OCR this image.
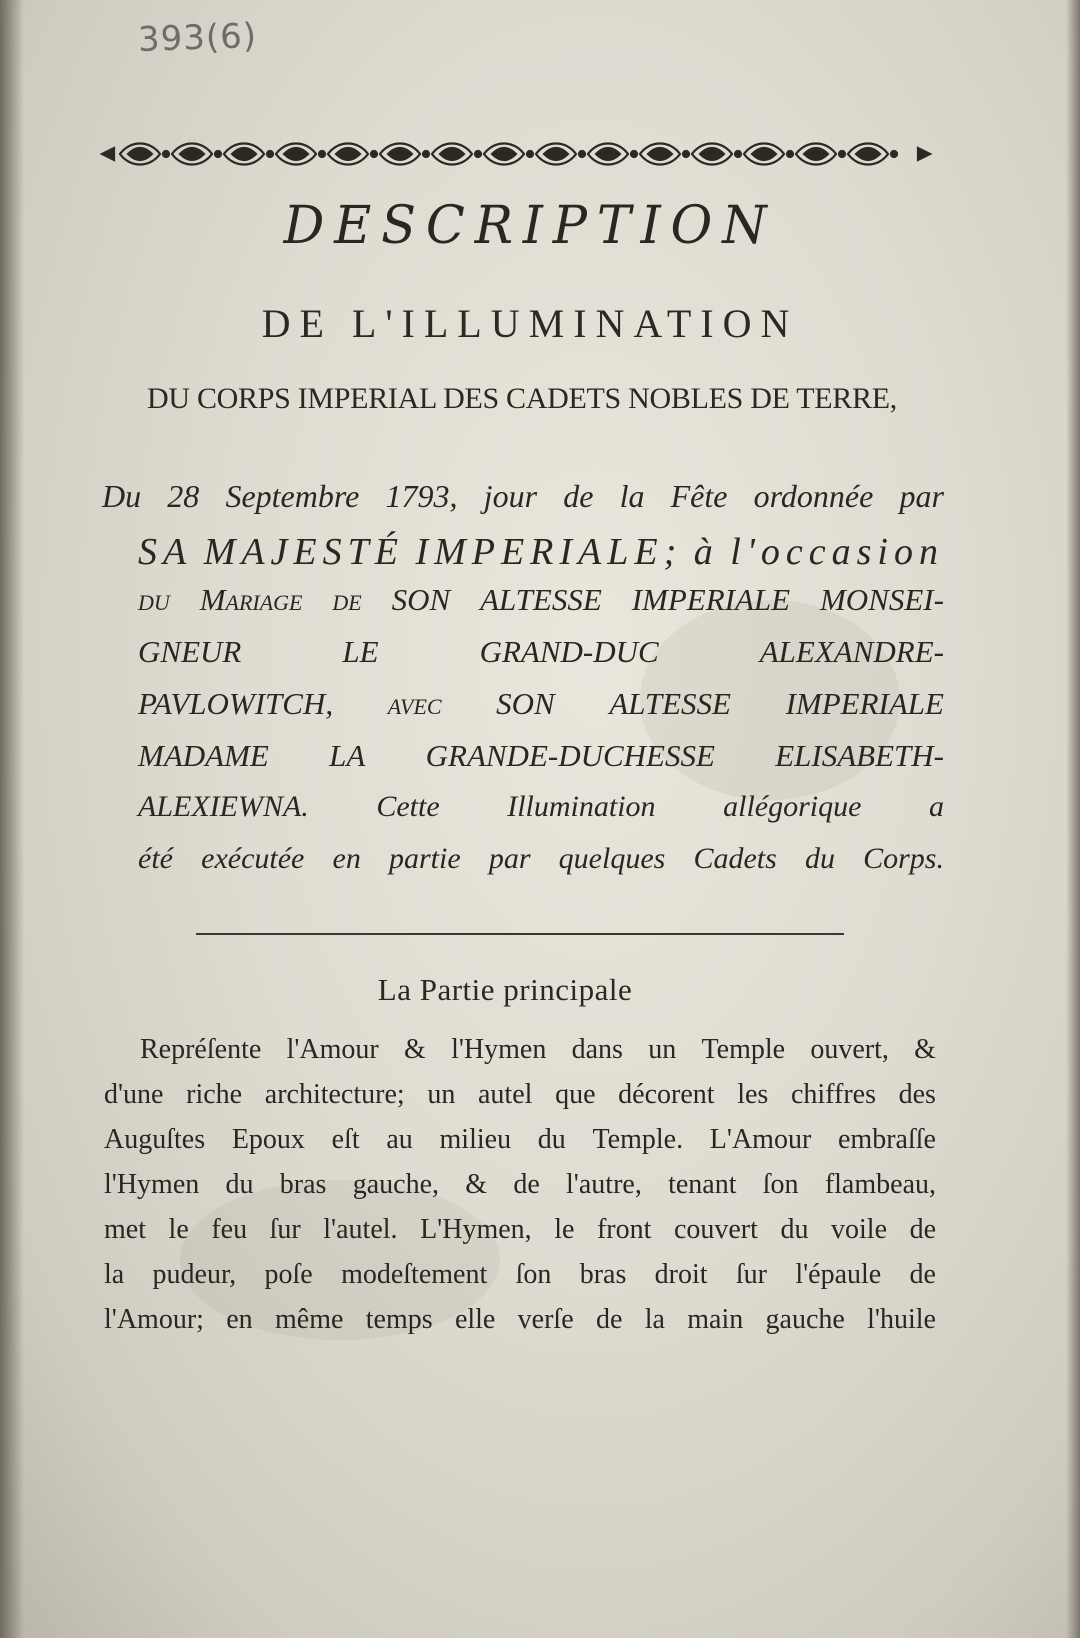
393(6)
DESCRIPTION
DE L'ILLUMINATION
DU CORPS IMPERIAL DES CADETS NOBLES DE TERRE,
Du 28 Septembre 1793, jour de la Fête ordonnée par
SA MAJESTÉ IMPERIALE; à l'occasion
du Mariage de SON ALTESSE IMPERIALE MONSEI-
GNEUR	LE	GRAND-DUC	ALEXANDRE-
PAVLOWITCH, avec SON ALTESSE IMPERIALE
MADAME LA GRANDE-DUCHESSE ELISABETH-
ALEXIEWNA. Cette Illumination allégorique a
été exécutée en partie par quelques Cadets du Corps.
La Partie principale
Repréſente l'Amour & l'Hymen dans un Temple ouvert, &
d'une riche architecture; un autel que décorent les chiffres des
Auguſtes Epoux eſt au milieu du Temple. L'Amour embraſſe
l'Hymen du bras gauche, & de l'autre, tenant ſon flambeau,
met le feu ſur l'autel. L'Hymen, le front couvert du voile de
la pudeur, poſe modeſtement ſon bras droit ſur l'épaule de
l'Amour; en même temps elle verſe de la main gauche l'huile
